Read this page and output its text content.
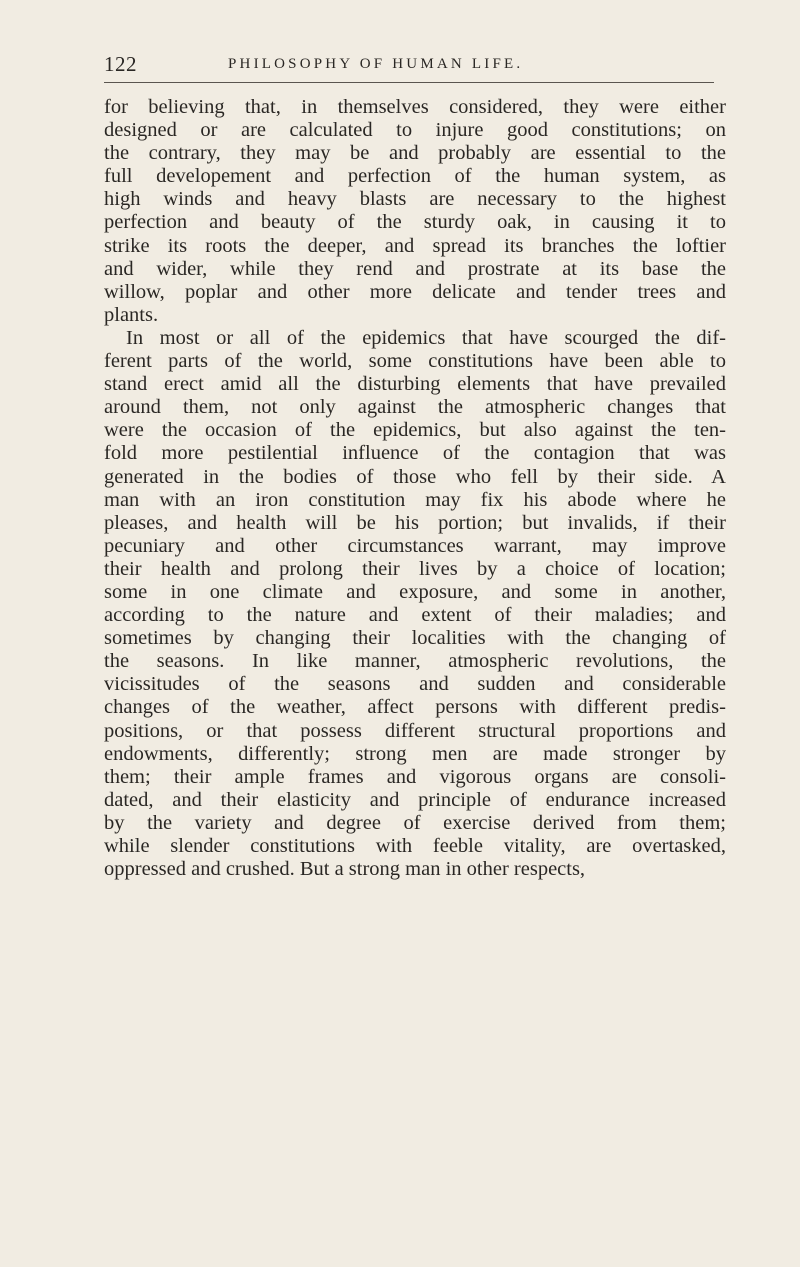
122	PHILOSOPHY OF HUMAN LIFE.
for believing that, in themselves considered, they were either
designed or are calculated to injure good constitutions; on
the contrary, they may be and probably are essential to the
full developement and perfection of the human system, as
high winds and heavy blasts are necessary to the highest
perfection and beauty of the sturdy oak, in causing it to
strike its roots the deeper, and spread its branches the loftier
and wider, while they rend and prostrate at its base the
willow, poplar and other more delicate and tender trees and
plants.
In most or all of the epidemics that have scourged the dif-
ferent parts of the world, some constitutions have been able to
stand erect amid all the disturbing elements that have prevailed
around them, not only against the atmospheric changes that
were the occasion of the epidemics, but also against the ten-
fold more pestilential influence of the contagion that was
generated in the bodies of those who fell by their side. A
man with an iron constitution may fix his abode where he
pleases, and health will be his portion; but invalids, if their
pecuniary and other circumstances warrant, may improve
their health and prolong their lives by a choice of location;
some in one climate and exposure, and some in another,
according to the nature and extent of their maladies; and
sometimes by changing their localities with the changing of
the seasons. In like manner, atmospheric revolutions, the
vicissitudes of the seasons and sudden and considerable
changes of the weather, affect persons with different predis-
positions, or that possess different structural proportions and
endowments, differently; strong men are made stronger by
them; their ample frames and vigorous organs are consoli-
dated, and their elasticity and principle of endurance increased
by the variety and degree of exercise derived from them;
while slender constitutions with feeble vitality, are overtasked,
oppressed and crushed. But a strong man in other respects,
